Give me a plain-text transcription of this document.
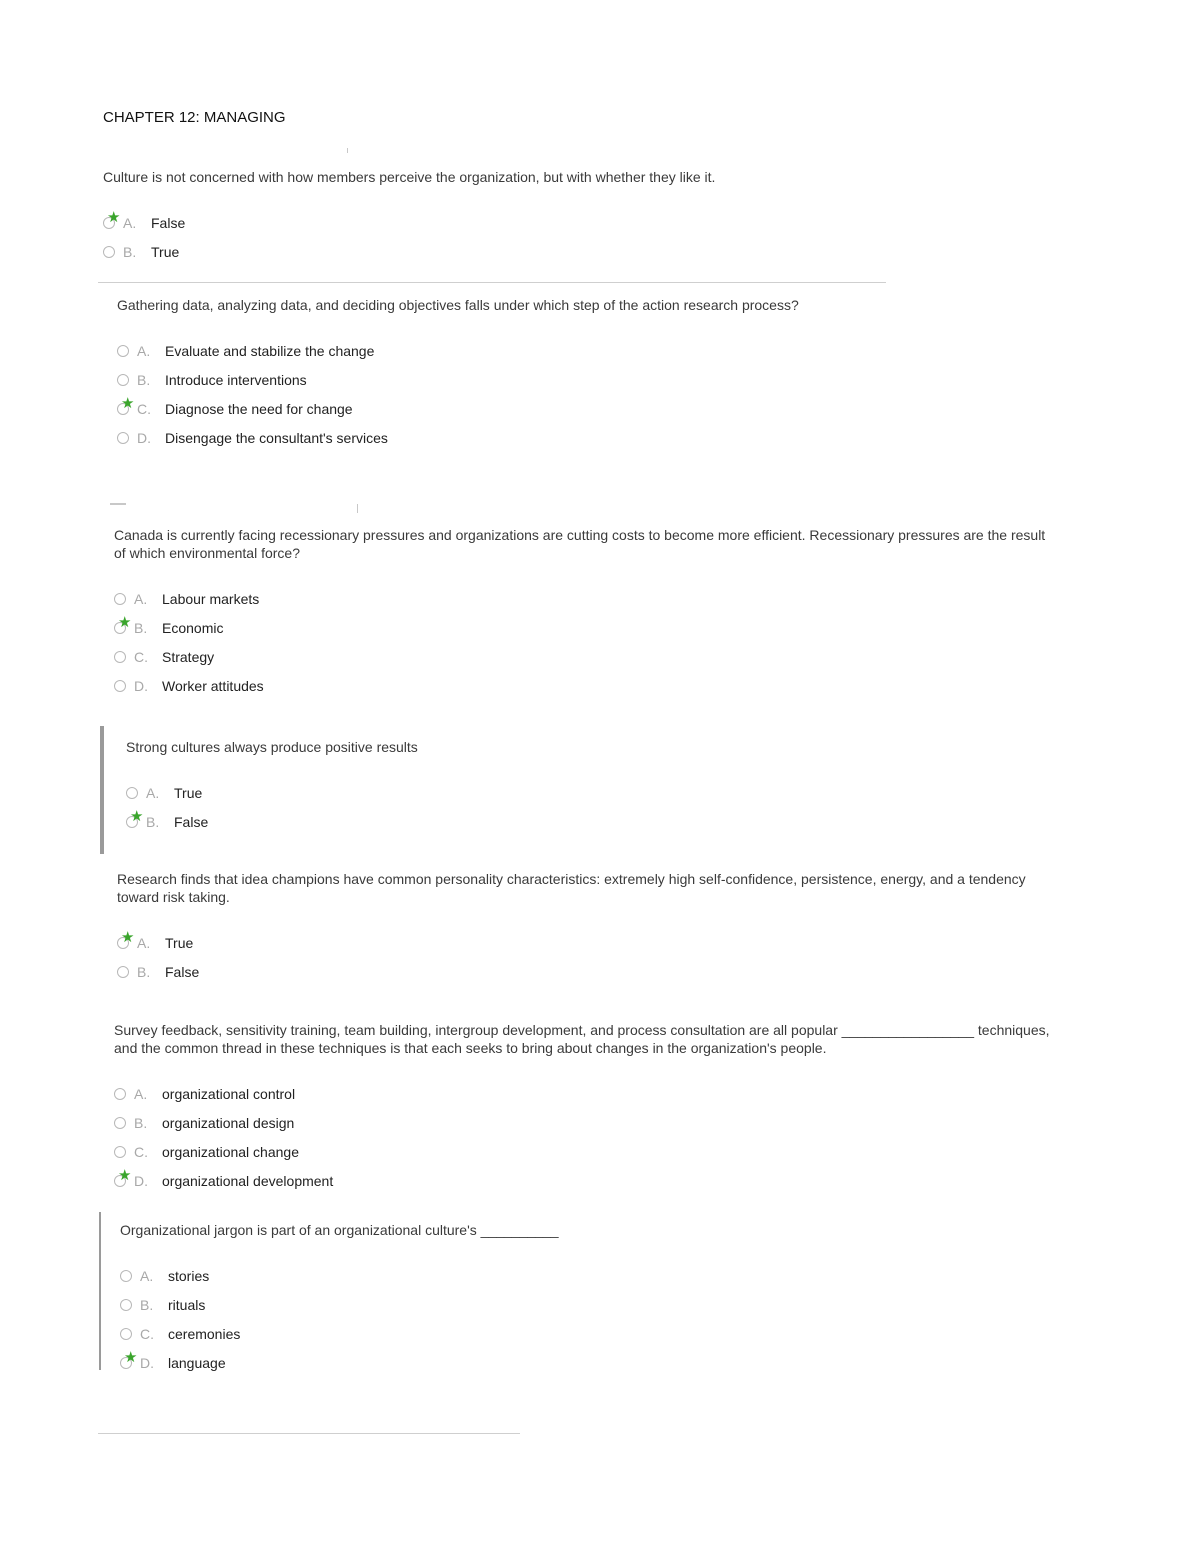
CHAPTER 12: MANAGING
Culture is not concerned with how members perceive the organization, but with whether they like it.
★ A.	False
B.	True
Gathering data, analyzing data, and deciding objectives falls under which step of the action research process?
A.	Evaluate and stabilize the change
B.	Introduce interventions
★ C.	Diagnose the need for change
D.	Disengage the consultant's services
Canada is currently facing recessionary pressures and organizations are cutting costs to become more efficient. Recessionary pressures are the result of which environmental force?
A.	Labour markets
★ B.	Economic
C.	Strategy
D.	Worker attitudes
Strong cultures always produce positive results
A.	True
★ B.	False
Research finds that idea champions have common personality characteristics: extremely high self-confidence, persistence, energy, and a tendency toward risk taking.
★ A.	True
B.	False
Survey feedback, sensitivity training, team building, intergroup development, and process consultation are all popular _________________ techniques, and the common thread in these techniques is that each seeks to bring about changes in the organization's people.
A.	organizational control
B.	organizational design
C.	organizational change
★ D.	organizational development
Organizational jargon is part of an organizational culture's __________
A.	stories
B.	rituals
C.	ceremonies
★ D.	language
